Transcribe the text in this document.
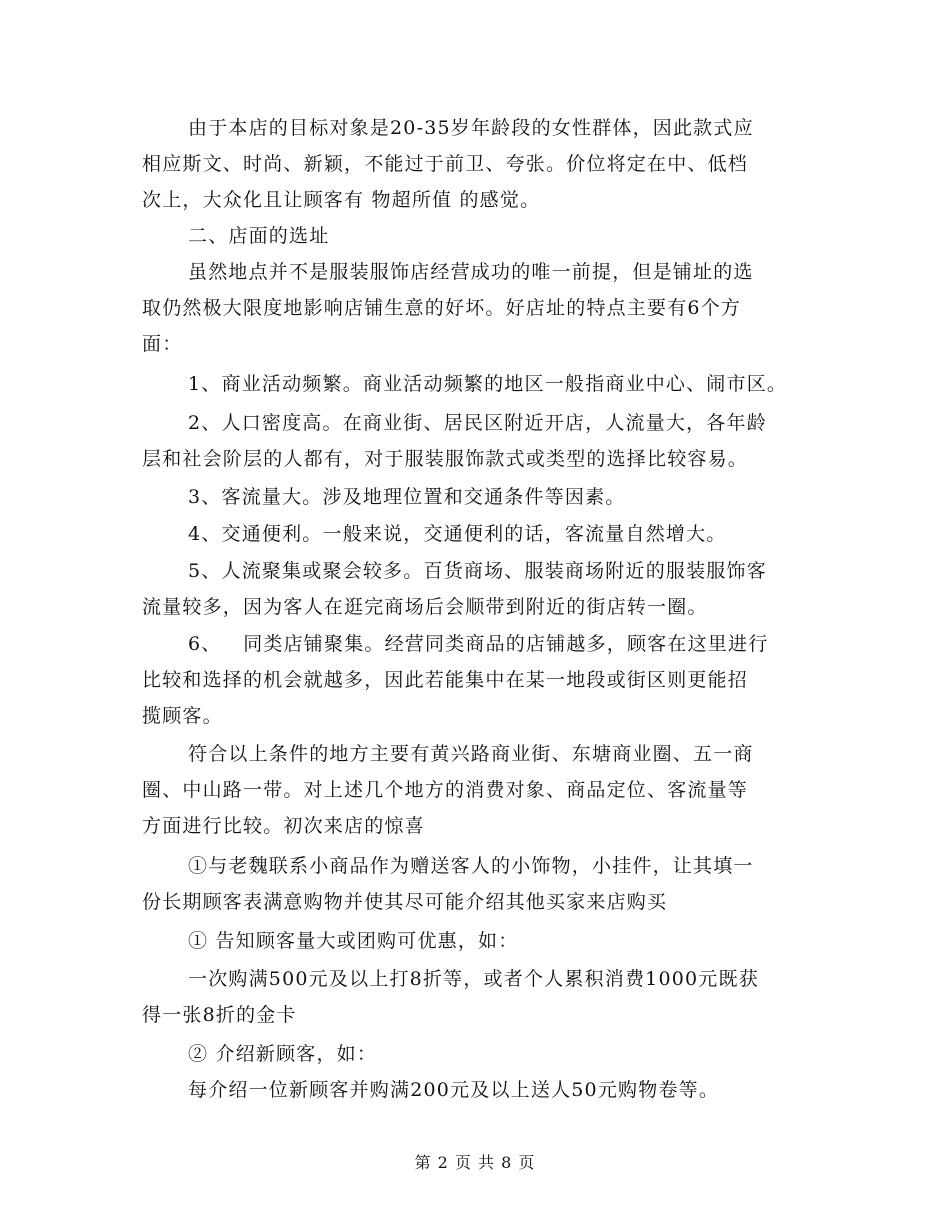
由于本店的目标对象是20-35岁年龄段的女性群体，因此款式应
相应斯文、时尚、新颖，不能过于前卫、夸张。价位将定在中、低档
次上，大众化且让顾客有 物超所值 的感觉。
二、店面的选址
虽然地点并不是服装服饰店经营成功的唯一前提，但是铺址的选
取仍然极大限度地影响店铺生意的好坏。好店址的特点主要有6个方
面：
1、商业活动频繁。商业活动频繁的地区一般指商业中心、闹市区。
2、人口密度高。在商业街、居民区附近开店，人流量大，各年龄
层和社会阶层的人都有，对于服装服饰款式或类型的选择比较容易。
3、客流量大。涉及地理位置和交通条件等因素。
4、交通便利。一般来说，交通便利的话，客流量自然增大。
5、人流聚集或聚会较多。百货商场、服装商场附近的服装服饰客
流量较多，因为客人在逛完商场后会顺带到附近的街店转一圈。
6、   同类店铺聚集。经营同类商品的店铺越多，顾客在这里进行
比较和选择的机会就越多，因此若能集中在某一地段或街区则更能招
揽顾客。
符合以上条件的地方主要有黄兴路商业街、东塘商业圈、五一商
圈、中山路一带。对上述几个地方的消费对象、商品定位、客流量等
方面进行比较。初次来店的惊喜
①与老魏联系小商品作为赠送客人的小饰物，小挂件，让其填一
份长期顾客表满意购物并使其尽可能介绍其他买家来店购买
① 告知顾客量大或团购可优惠，如：
一次购满500元及以上打8折等，或者个人累积消费1000元既获
得一张8折的金卡
② 介绍新顾客，如：
每介绍一位新顾客并购满200元及以上送人50元购物卷等。
第 2 页 共 8 页
